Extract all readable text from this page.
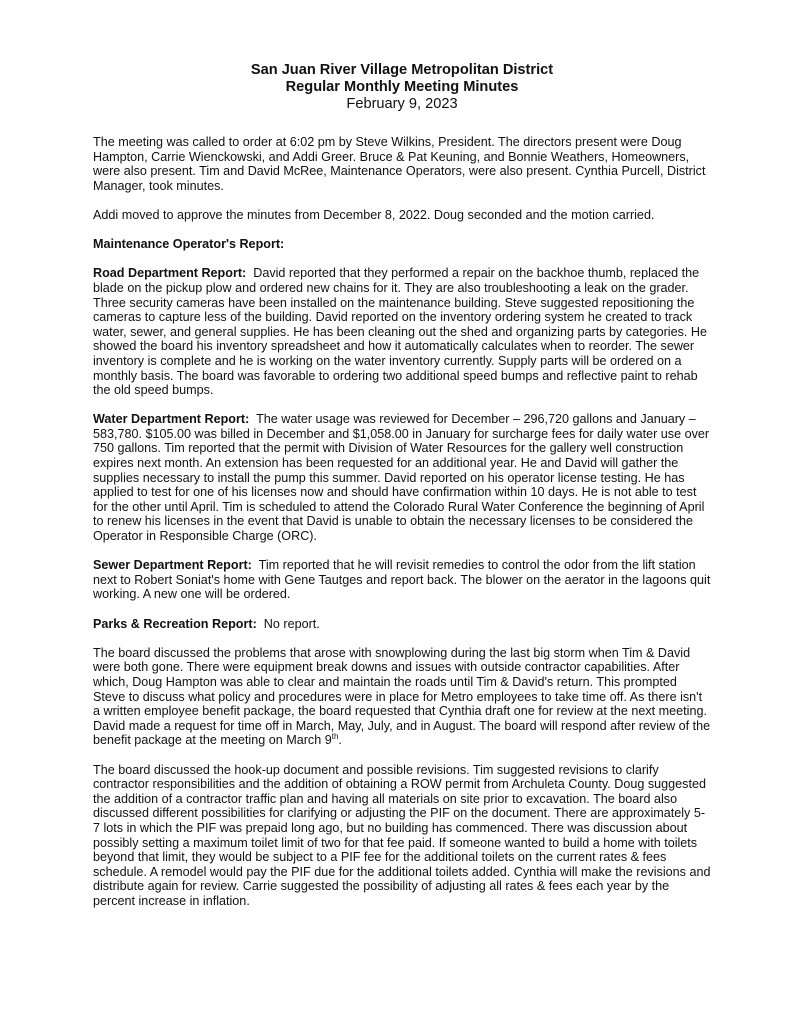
San Juan River Village Metropolitan District
Regular Monthly Meeting Minutes
February 9, 2023

The meeting was called to order at 6:02 pm by Steve Wilkins, President. The directors present were Doug Hampton, Carrie Wienckowski, and Addi Greer. Bruce & Pat Keuning, and Bonnie Weathers, Homeowners, were also present. Tim and David McRee, Maintenance Operators, were also present. Cynthia Purcell, District Manager, took minutes.

Addi moved to approve the minutes from December 8, 2022. Doug seconded and the motion carried.

Maintenance Operator's Report:

Road Department Report: David reported that they performed a repair on the backhoe thumb, replaced the blade on the pickup plow and ordered new chains for it. They are also troubleshooting a leak on the grader. Three security cameras have been installed on the maintenance building. Steve suggested repositioning the cameras to capture less of the building. David reported on the inventory ordering system he created to track water, sewer, and general supplies. He has been cleaning out the shed and organizing parts by categories. He showed the board his inventory spreadsheet and how it automatically calculates when to reorder. The sewer inventory is complete and he is working on the water inventory currently. Supply parts will be ordered on a monthly basis. The board was favorable to ordering two additional speed bumps and reflective paint to rehab the old speed bumps.

Water Department Report: The water usage was reviewed for December – 296,720 gallons and January – 583,780. $105.00 was billed in December and $1,058.00 in January for surcharge fees for daily water use over 750 gallons. Tim reported that the permit with Division of Water Resources for the gallery well construction expires next month. An extension has been requested for an additional year. He and David will gather the supplies necessary to install the pump this summer. David reported on his operator license testing. He has applied to test for one of his licenses now and should have confirmation within 10 days. He is not able to test for the other until April. Tim is scheduled to attend the Colorado Rural Water Conference the beginning of April to renew his licenses in the event that David is unable to obtain the necessary licenses to be considered the Operator in Responsible Charge (ORC).

Sewer Department Report: Tim reported that he will revisit remedies to control the odor from the lift station next to Robert Soniat's home with Gene Tautges and report back. The blower on the aerator in the lagoons quit working. A new one will be ordered.

Parks & Recreation Report: No report.

The board discussed the problems that arose with snowplowing during the last big storm when Tim & David were both gone. There were equipment break downs and issues with outside contractor capabilities. After which, Doug Hampton was able to clear and maintain the roads until Tim & David's return. This prompted Steve to discuss what policy and procedures were in place for Metro employees to take time off. As there isn't a written employee benefit package, the board requested that Cynthia draft one for review at the next meeting. David made a request for time off in March, May, July, and in August. The board will respond after review of the benefit package at the meeting on March 9th.

The board discussed the hook-up document and possible revisions. Tim suggested revisions to clarify contractor responsibilities and the addition of obtaining a ROW permit from Archuleta County. Doug suggested the addition of a contractor traffic plan and having all materials on site prior to excavation. The board also discussed different possibilities for clarifying or adjusting the PIF on the document. There are approximately 5-7 lots in which the PIF was prepaid long ago, but no building has commenced. There was discussion about possibly setting a maximum toilet limit of two for that fee paid. If someone wanted to build a home with toilets beyond that limit, they would be subject to a PIF fee for the additional toilets on the current rates & fees schedule. A remodel would pay the PIF due for the additional toilets added. Cynthia will make the revisions and distribute again for review. Carrie suggested the possibility of adjusting all rates & fees each year by the percent increase in inflation.
